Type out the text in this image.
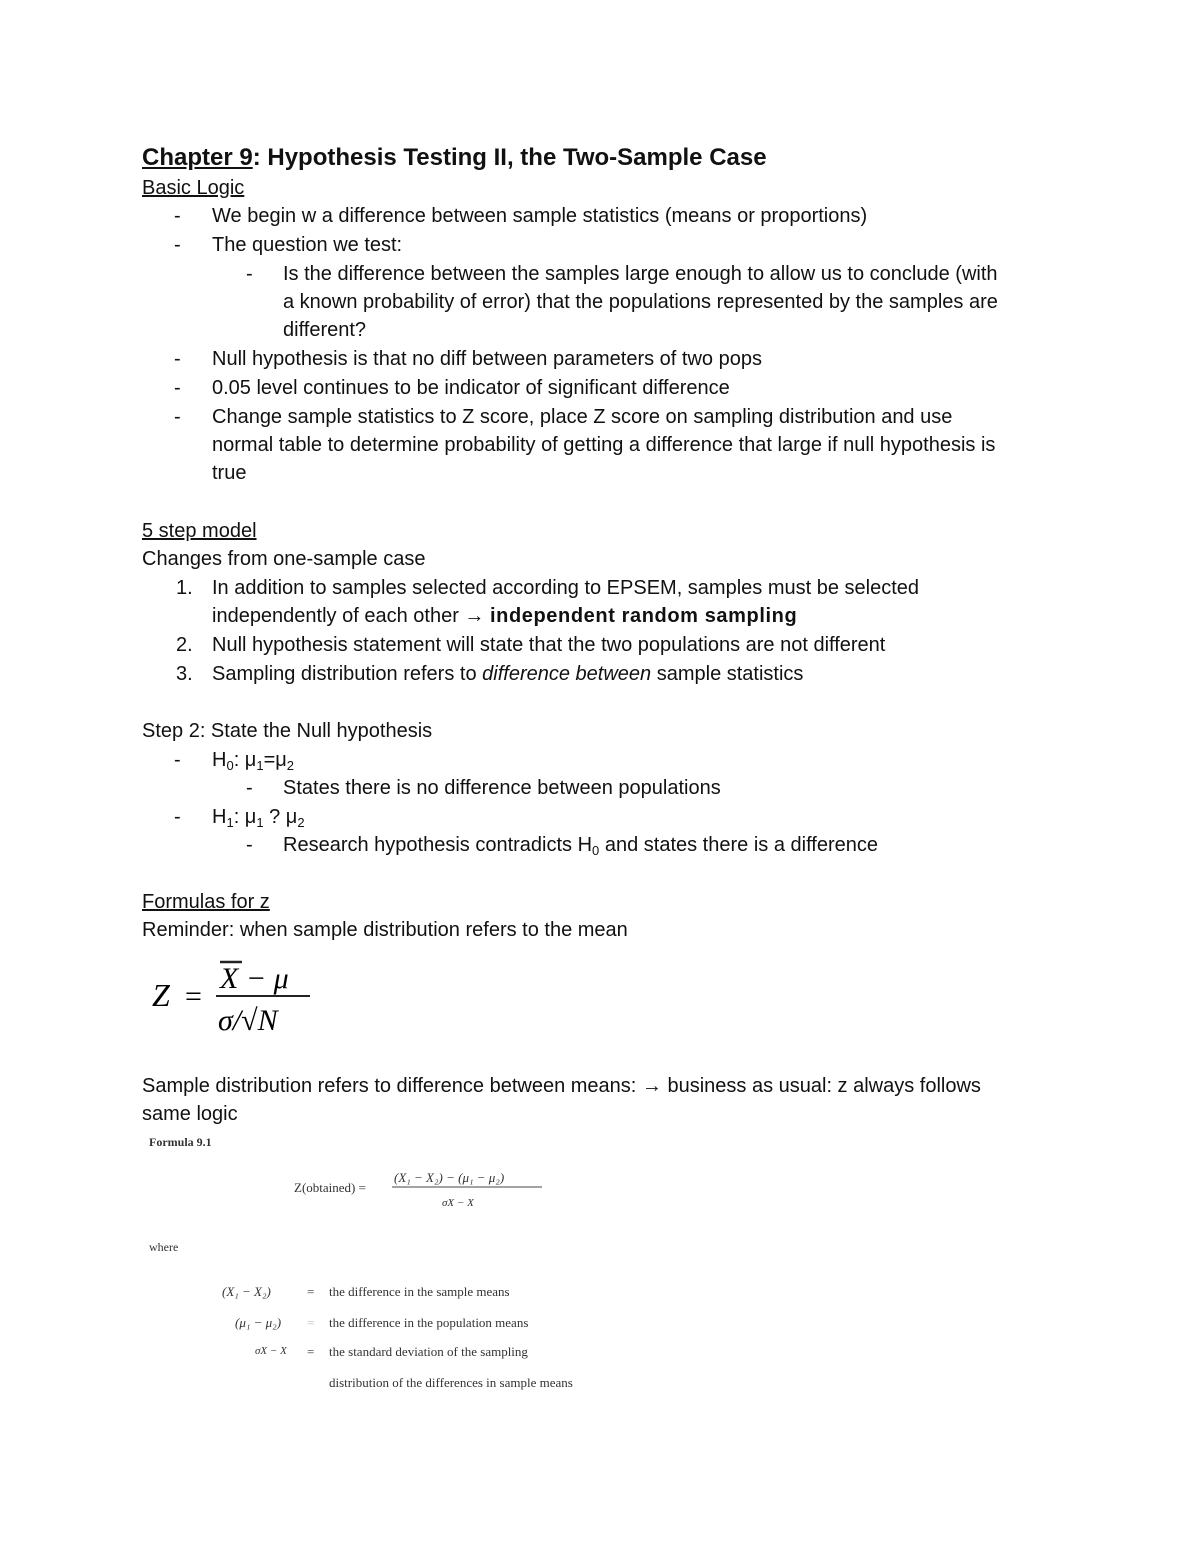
Chapter 9: Hypothesis Testing II, the Two-Sample Case
Basic Logic
- We begin w a difference between sample statistics (means or proportions)
- The question we test:
- Is the difference between the samples large enough to allow us to conclude (with
a known probability of error) that the populations represented by the samples are
different?
- Null hypothesis is that no diff between parameters of two pops
- 0.05 level continues to be indicator of significant difference
- Change sample statistics to Z score, place Z score on sampling distribution and use
normal table to determine probability of getting a difference that large if null hypothesis is
true
5 step model
Changes from one-sample case
1. In addition to samples selected according to EPSEM, samples must be selected
independently of each other → independent random sampling
2. Null hypothesis statement will state that the two populations are not different
3. Sampling distribution refers to difference between sample statistics
Step 2: State the Null hypothesis
- $H_0$: $\mu_1=\mu_2$
- States there is no difference between populations
- $H_1$: $\mu_1$ ? $\mu_2$
- Research hypothesis contradicts $H_0$ and states there is a difference
Formulas for z
Reminder: when sample distribution refers to the mean
Z =
X − μ
σ/√N
Sample distribution refers to difference between means: → business as usual: z always follows
same logic
Formula 9.1
Z(obtained) =
(X₁ − X₂) − (μ₁ − μ₂)
σX − X
where
(X₁ − X₂)	= the difference in the sample means
(μ₁ − μ₂) = the difference in the population means
σX − X = the standard deviation of the sampling
distribution of the differences in sample means
